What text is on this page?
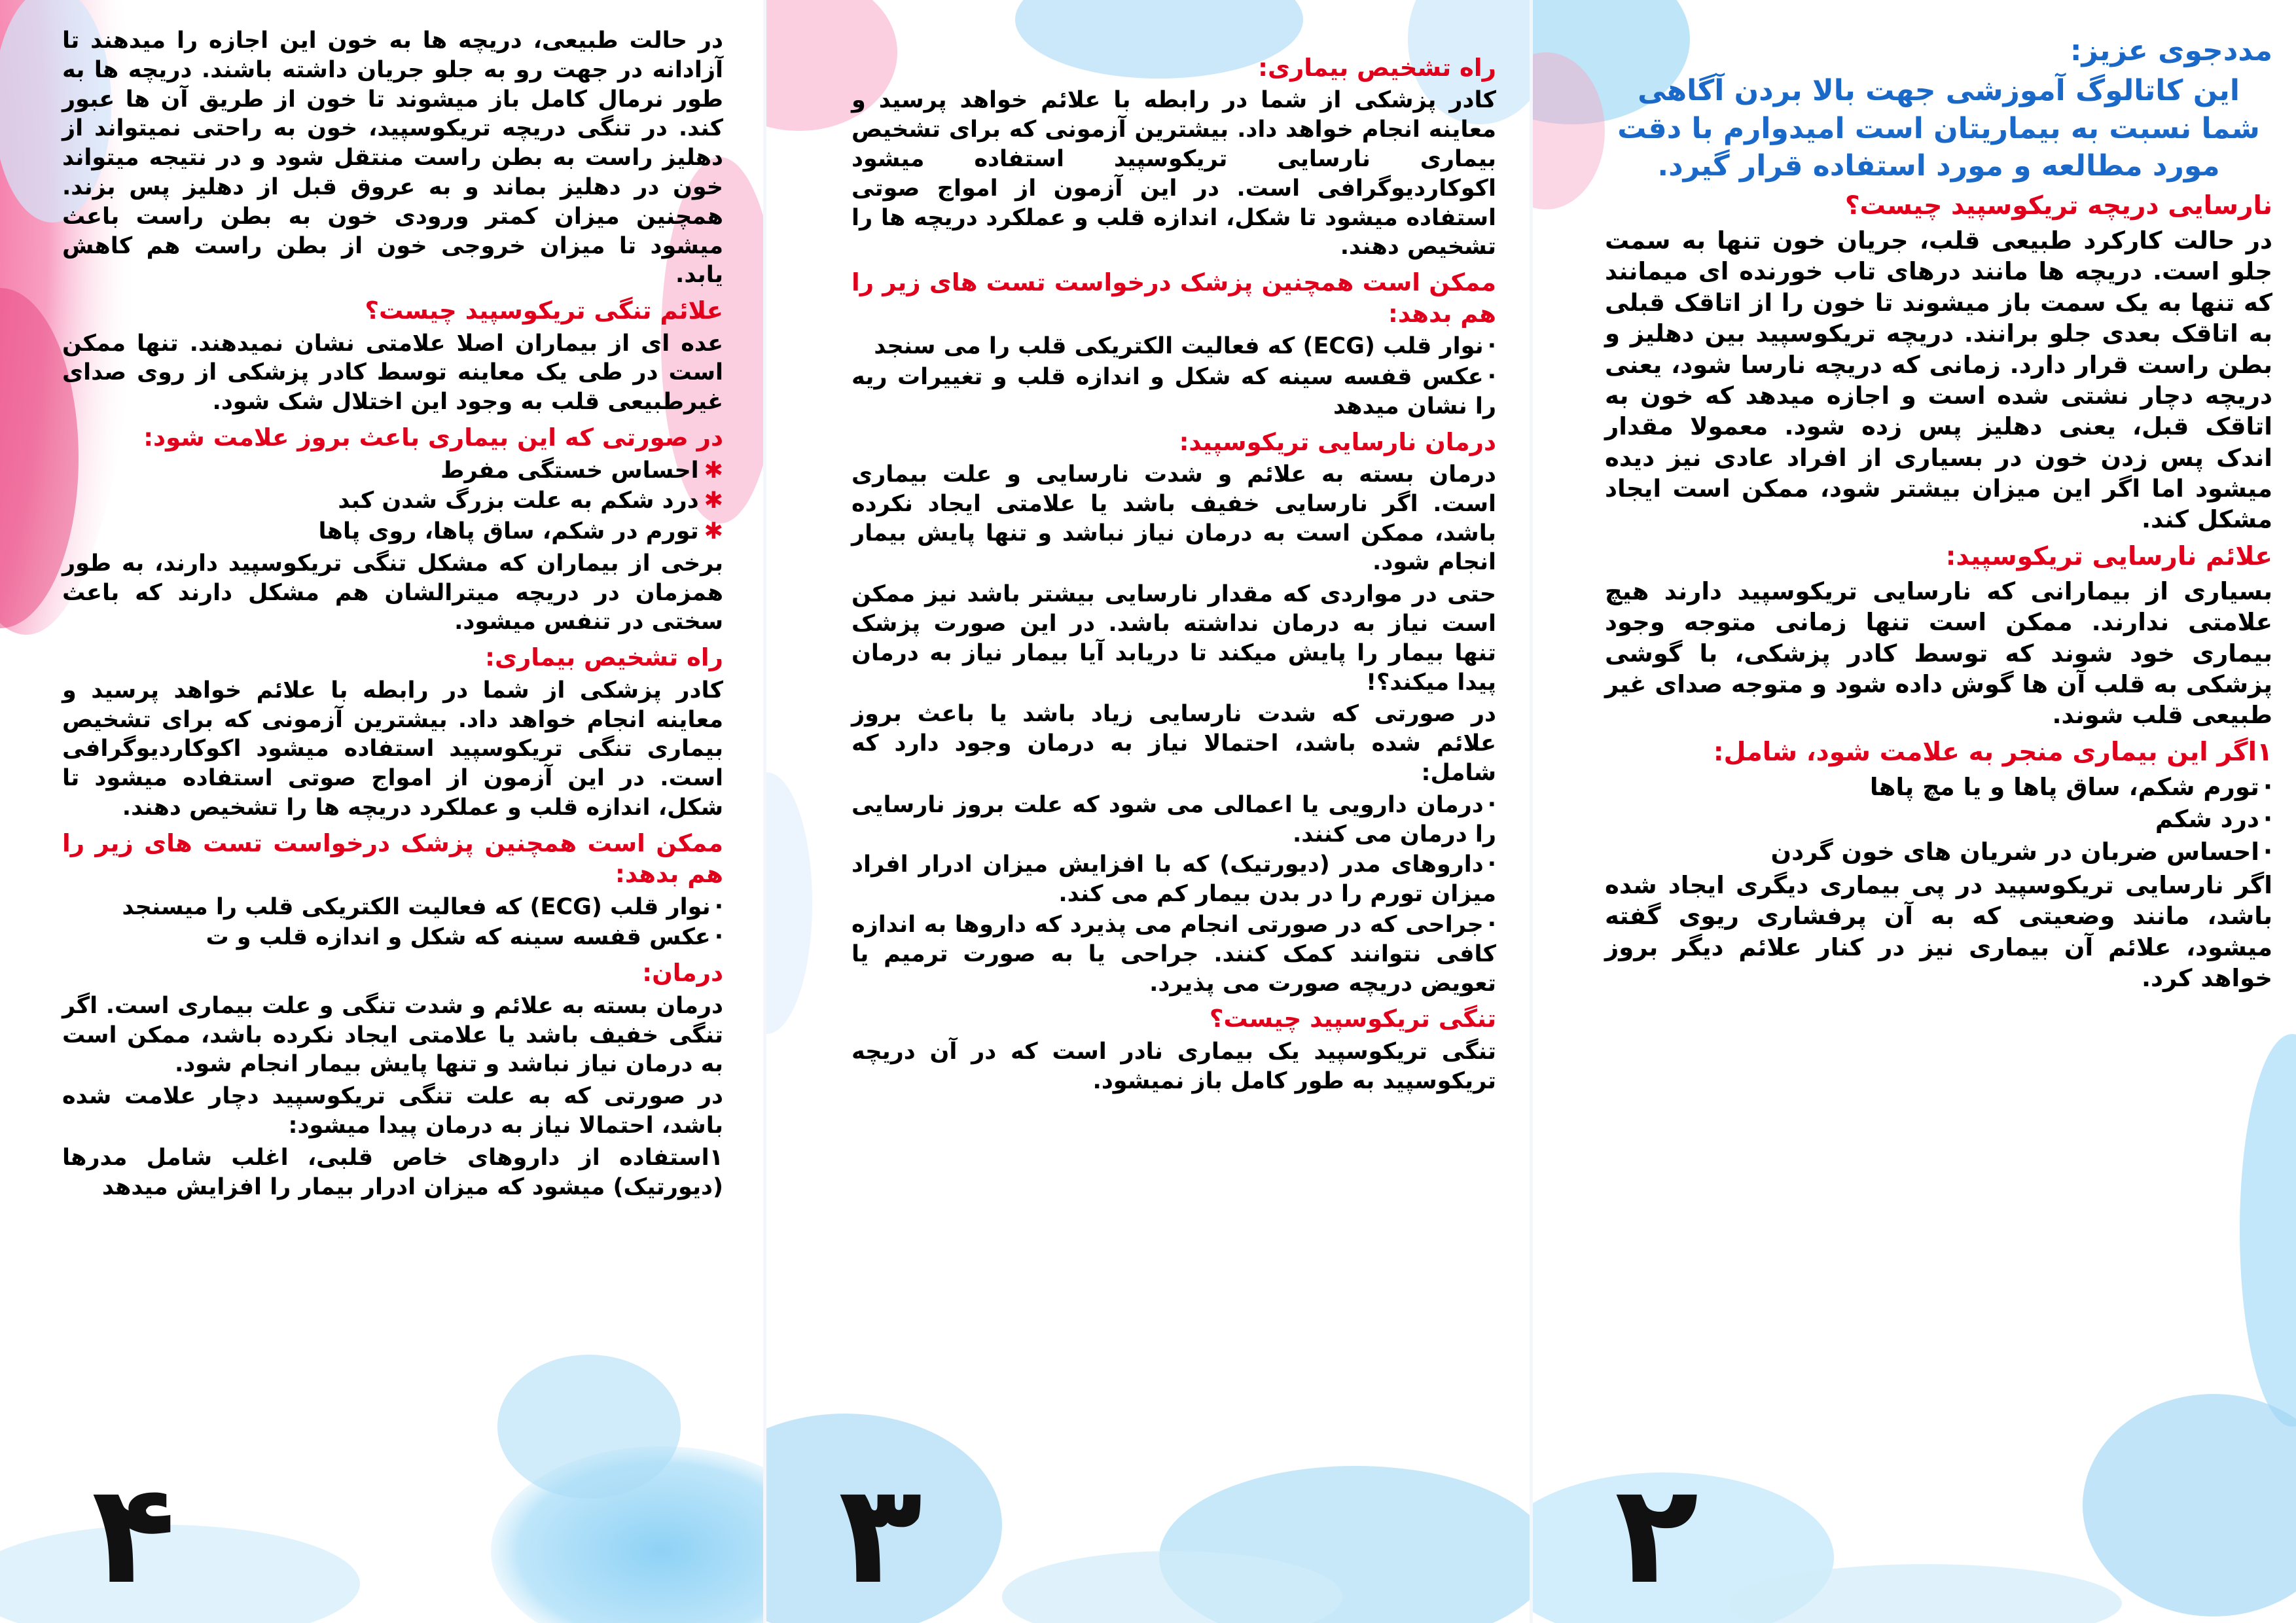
در حالت طبیعی، دریچه ها به خون این اجازه را میدهند تا آزادانه در جهت رو به جلو جریان داشته باشند. دریچه ها به طور نرمال کامل باز میشوند تا خون از طریق آن ها عبور کند. در تنگی دریچه تریکوسپید، خون به راحتی نمیتواند از دهلیز راست به بطن راست منتقل شود و در نتیجه میتواند خون در دهلیز بماند و به عروق قبل از دهلیز پس بزند. همچنین میزان کمتر ورودی خون به بطن راست باعث میشود تا میزان خروجی خون از بطن راست هم کاهش یابد.

علائم تنگی تریکوسپید چیست؟

عده ای از بیماران اصلا علامتی نشان نمیدهند. تنها ممکن است در طی یک معاینه توسط کادر پزشکی از روی صدای غیرطبیعی قلب به وجود این اختلال شک شود.

در صورتی که این بیماری باعث بروز علامت شود:
✱احساس خستگی مفرط
✱درد شکم به علت بزرگ شدن کبد
✱تورم در شکم، ساق پاها، روی پاها

برخی از بیماران که مشکل تنگی تریکوسپید دارند، به طور همزمان در دریچه میترالشان هم مشکل دارند که باعث سختی در تنفس میشود.

راه تشخیص بیماری:

کادر پزشکی از شما در رابطه با علائم خواهد پرسید و معاینه انجام خواهد داد. بیشترین آزمونی که برای تشخیص بیماری تنگی تریکوسپید استفاده میشود اکوکاردیوگرافی است. در این آزمون از امواج صوتی استفاده میشود تا شکل، اندازه قلب و عملکرد دریچه ها را تشخیص دهند.

ممکن است همچنین پزشک درخواست تست های زیر را هم بدهد:
·نوار قلب (ECG) که فعالیت الکتریکی قلب را میسنجد
·عکس قفسه سینه که شکل و اندازه قلب و ت
درمان:

درمان بسته به علائم و شدت تنگی و علت بیماری است. اگر تنگی خفیف باشد یا علامتی ایجاد نکرده باشد، ممکن است به درمان نیاز نباشد و تنها پایش بیمار انجام شود.

در صورتی که به علت تنگی تریکوسپید دچار علامت شده باشد، احتمالا نیاز به درمان پیدا میشود:

۱استفاده از داروهای خاص قلبی، اغلب شامل مدرها (دیورتیک) میشود که میزان ادرار بیمار را افزایش میدهد

۴
راه تشخیص بیماری:

کادر پزشکی از شما در رابطه با علائم خواهد پرسید و معاینه انجام خواهد داد. بیشترین آزمونی که برای تشخیص بیماری نارسایی تریکوسپید استفاده میشود اکوکاردیوگرافی است. در این آزمون از امواج صوتی استفاده میشود تا شکل، اندازه قلب و عملکرد دریچه ها را تشخیص دهند.

ممکن است همچنین پزشک درخواست تست های زیر را هم بدهد:
·نوار قلب (ECG) که فعالیت الکتریکی قلب را می سنجد
·عکس قفسه سینه که شکل و اندازه قلب و تغییرات ریه را نشان میدهد
درمان نارسایی تریکوسپید:

درمان بسته به علائم و شدت نارسایی و علت بیماری است. اگر نارسایی خفیف باشد یا علامتی ایجاد نکرده باشد، ممکن است به درمان نیاز نباشد و تنها پایش بیمار انجام شود.

حتی در مواردی که مقدار نارسایی بیشتر باشد نیز ممکن است نیاز به درمان نداشته باشد. در این صورت پزشک تنها بیمار را پایش میکند تا دریابد آیا بیمار نیاز به درمان پیدا میکند؟!

در صورتی که شدت نارسایی زیاد باشد یا باعث بروز علائم شده باشد، احتمالا نیاز به درمان وجود دارد که شامل:

·درمان دارویی یا اعمالی می شود که علت بروز نارسایی را درمان می کنند.
·داروهای مدر (دیورتیک) که با افزایش میزان ادرار افراد میزان تورم را در بدن بیمار کم می کند.
·جراحی که در صورتی انجام می پذیرد که داروها به اندازه کافی نتوانند کمک کنند. جراحی یا به صورت ترمیم یا تعویض دریچه صورت می پذیرد.
تنگی تریکوسپید چیست؟

تنگی تریکوسپید یک بیماری نادر است که در آن دریچه تریکوسپید به طور کامل باز نمیشود.

۳

مددجوی عزیز:

این کاتالوگ آموزشی جهت بالا بردن آگاهی شما نسبت به بیماریتان است امیدوارم با دقت مورد مطالعه و مورد استفاده قرار گیرد.

نارسایی دریچه تریکوسپید چیست؟

در حالت کارکرد طبیعی قلب، جریان خون تنها به سمت جلو است. دریچه ها مانند درهای تاب خورنده ای میمانند که تنها به یک سمت باز میشوند تا خون را از اتاقک قبلی به اتاقک بعدی جلو برانند. دریچه تریکوسپید بین دهلیز و بطن راست قرار دارد. زمانی که دریچه نارسا شود، یعنی دریچه دچار نشتی شده است و اجازه میدهد که خون به اتاقک قبل، یعنی دهلیز پس زده شود. معمولا مقدار اندک پس زدن خون در بسیاری از افراد عادی نیز دیده میشود اما اگر این میزان بیشتر شود، ممکن است ایجاد مشکل کند.

علائم نارسایی تریکوسپید:

بسیاری از بیمارانی که نارسایی تریکوسپید دارند هیچ علامتی ندارند. ممکن است تنها زمانی متوجه وجود بیماری خود شوند که توسط کادر پزشکی، با گوشی پزشکی به قلب آن ها گوش داده شود و متوجه صدای غیر طبیعی قلب شوند.

۱اگر این بیماری منجر به علامت شود، شامل:
·تورم شکم، ساق پاها و یا مچ پاها
·درد شکم
·احساس ضربان در شریان های خون گردن

اگر نارسایی تریکوسپید در پی بیماری دیگری ایجاد شده باشد، مانند وضعیتی که به آن پرفشاری ریوی گفته میشود، علائم آن بیماری نیز در کنار علائم دیگر بروز خواهد کرد.

۲
